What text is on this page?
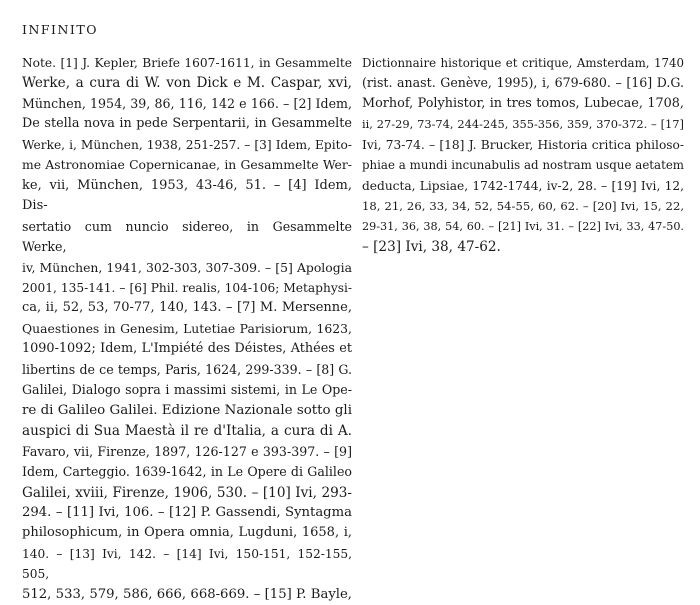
INFINITO
Note. [1] J. Kepler, Briefe 1607-1611, in Gesammelte
Werke, a cura di W. von Dick e M. Caspar, xvi,
München, 1954, 39, 86, 116, 142 e 166. – [2] Idem,
De stella nova in pede Serpentarii, in Gesammelte
Werke, i, München, 1938, 251-257. – [3] Idem, Epito-
me Astronomiae Copernicanae, in Gesammelte Wer-
ke, vii, München, 1953, 43-46, 51. – [4] Idem, Dis-
sertatio cum nuncio sidereo, in Gesammelte Werke,
iv, München, 1941, 302-303, 307-309. – [5] Apologia
2001, 135-141. – [6] Phil. realis, 104-106; Metaphysi-
ca, ii, 52, 53, 70-77, 140, 143. – [7] M. Mersenne,
Quaestiones in Genesim, Lutetiae Parisiorum, 1623,
1090-1092; Idem, L'Impiété des Déistes, Athées et
libertins de ce temps, Paris, 1624, 299-339. – [8] G.
Galilei, Dialogo sopra i massimi sistemi, in Le Ope-
re di Galileo Galilei. Edizione Nazionale sotto gli
auspici di Sua Maestà il re d'Italia, a cura di A.
Favaro, vii, Firenze, 1897, 126-127 e 393-397. – [9]
Idem, Carteggio. 1639-1642, in Le Opere di Galileo
Galilei, xviii, Firenze, 1906, 530. – [10] Ivi, 293-
294. – [11] Ivi, 106. – [12] P. Gassendi, Syntagma
philosophicum, in Opera omnia, Lugduni, 1658, i,
140. – [13] Ivi, 142. – [14] Ivi, 150-151, 152-155, 505,
512, 533, 579, 586, 666, 668-669. – [15] P. Bayle,
Dictionnaire historique et critique, Amsterdam, 1740
(rist. anast. Genève, 1995), i, 679-680. – [16] D.G.
Morhof, Polyhistor, in tres tomos, Lubecae, 1708,
ii, 27-29, 73-74, 244-245, 355-356, 359, 370-372. – [17]
Ivi, 73-74. – [18] J. Brucker, Historia critica philoso-
phiae a mundi incunabulis ad nostram usque aetatem
deducta, Lipsiae, 1742-1744, iv-2, 28. – [19] Ivi, 12,
18, 21, 26, 33, 34, 52, 54-55, 60, 62. – [20] Ivi, 15, 22,
29-31, 36, 38, 54, 60. – [21] Ivi, 31. – [22] Ivi, 33, 47-50.
– [23] Ivi, 38, 47-62.
